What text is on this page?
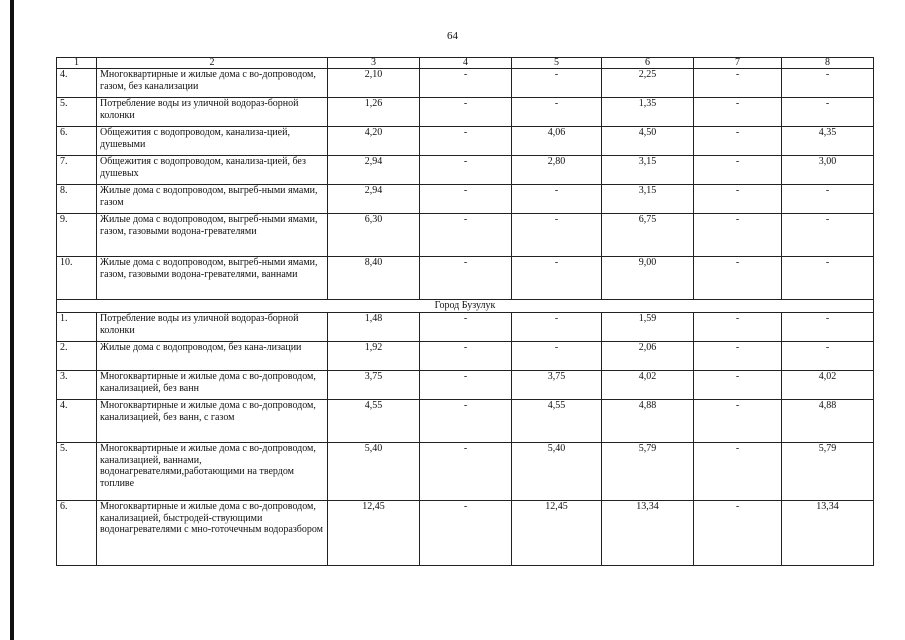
64
1	2	3	4	5	6	7	8
4.	Многоквартирные и жилые дома с во-допроводом, газом, без канализации	2,10	-	-	2,25	-	-
5.	Потребление воды из уличной водораз-борной колонки	1,26	-	-	1,35	-	-
6.	Общежития с водопроводом, канализа-цией, душевыми	4,20	-	4,06	4,50	-	4,35
7.	Общежития с водопроводом, канализа-цией, без душевых	2,94	-	2,80	3,15	-	3,00
8.	Жилые дома с водопроводом, выгреб-ными ямами, газом	2,94	-	-	3,15	-	-
9.	Жилые дома с водопроводом, выгреб-ными ямами, газом, газовыми водона-гревателями	6,30	-	-	6,75	-	-
10.	Жилые дома с водопроводом, выгреб-ными ямами, газом, газовыми водона-гревателями, ваннами	8,40	-	-	9,00	-	-
Город Бузулук							
1.	Потребление воды из уличной водораз-борной колонки	1,48	-	-	1,59	-	-
2.	Жилые дома с водопроводом, без кана-лизации	1,92	-	-	2,06	-	-
3.	Многоквартирные и жилые дома с во-допроводом, канализацией, без ванн	3,75	-	3,75	4,02	-	4,02
4.	Многоквартирные и жилые дома с во-допроводом, канализацией, без ванн, с газом	4,55	-	4,55	4,88	-	4,88
5.	Многоквартирные и жилые дома с во-допроводом, канализацией, ваннами, водонагревателями,работающими на твердом топливе	5,40	-	5,40	5,79	-	5,79
6.	Многоквартирные и жилые дома с во-допроводом, канализацией, быстродей-ствующими водонагревателями с мно-готочечным водоразбором	12,45	-	12,45	13,34	-	13,34
